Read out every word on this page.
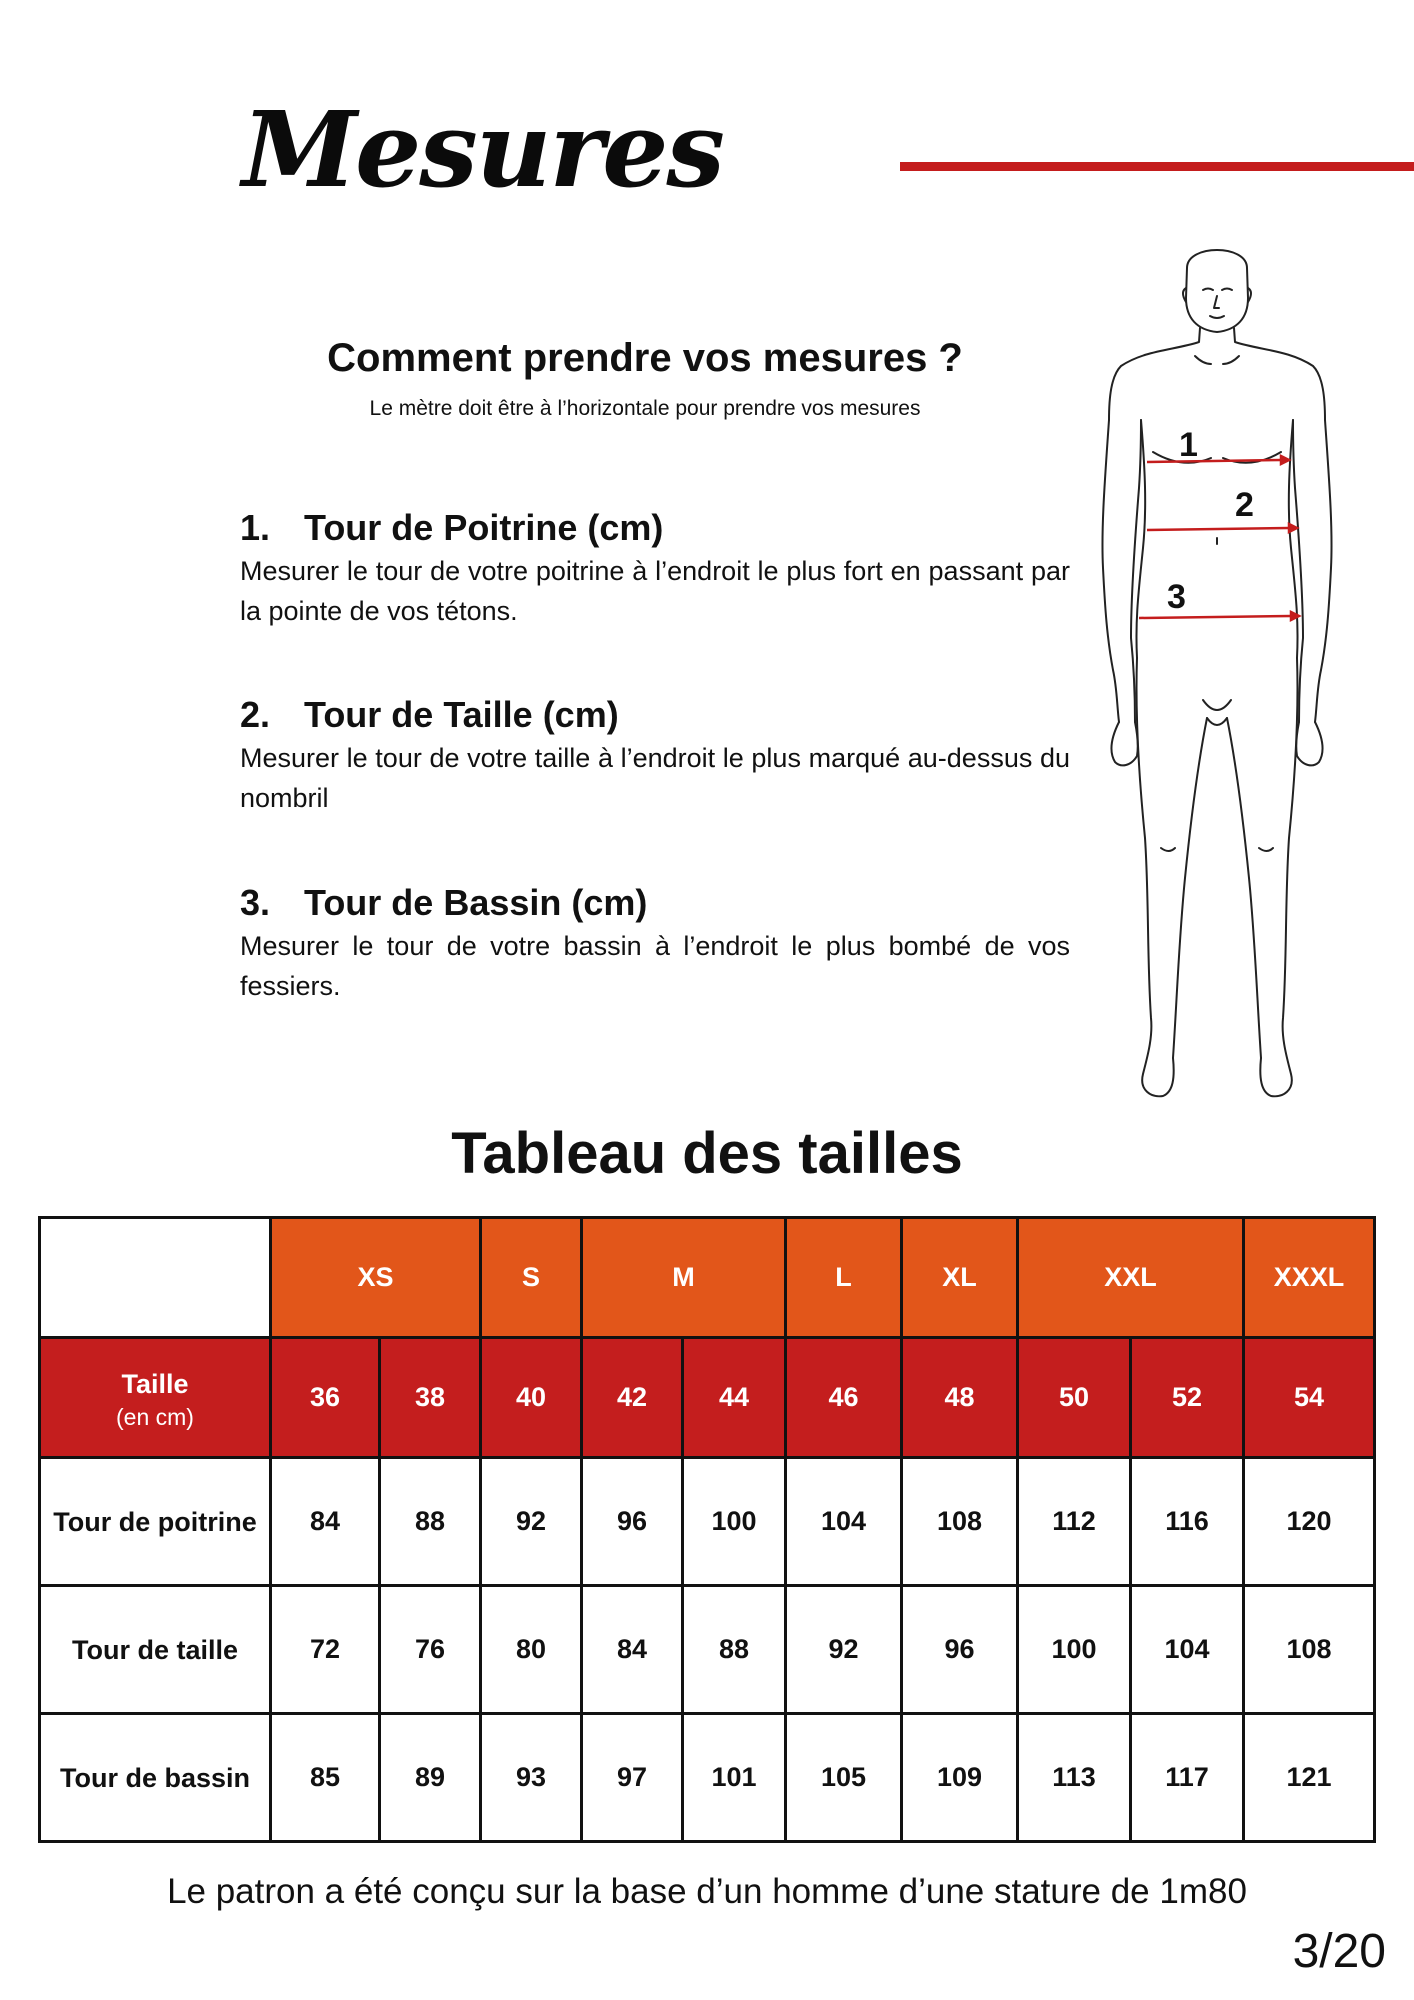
Mesures
Comment prendre vos mesures ?
Le mètre doit être à l’horizontale pour prendre vos mesures
1. Tour de Poitrine (cm)
Mesurer le tour de votre poitrine à l’endroit le plus fort en passant par la pointe de vos tétons.
2. Tour de Taille (cm)
Mesurer le tour de votre taille à l’endroit le plus marqué au-dessus du nombril
3. Tour de Bassin (cm)
Mesurer le tour de votre bassin à l’endroit le plus bombé de vos fessiers.
1
2
3
Tableau des tailles
	XS		S	M		L	XL	XXL		XXXL
Taille
(en cm)	36	38	40	42	44	46	48	50	52	54
Tour de poitrine	84	88	92	96	100	104	108	112	116	120
Tour de taille	72	76	80	84	88	92	96	100	104	108
Tour de bassin	85	89	93	97	101	105	109	113	117	121
Le patron a été conçu sur la base d’un homme d’une stature de 1m80
3/20
